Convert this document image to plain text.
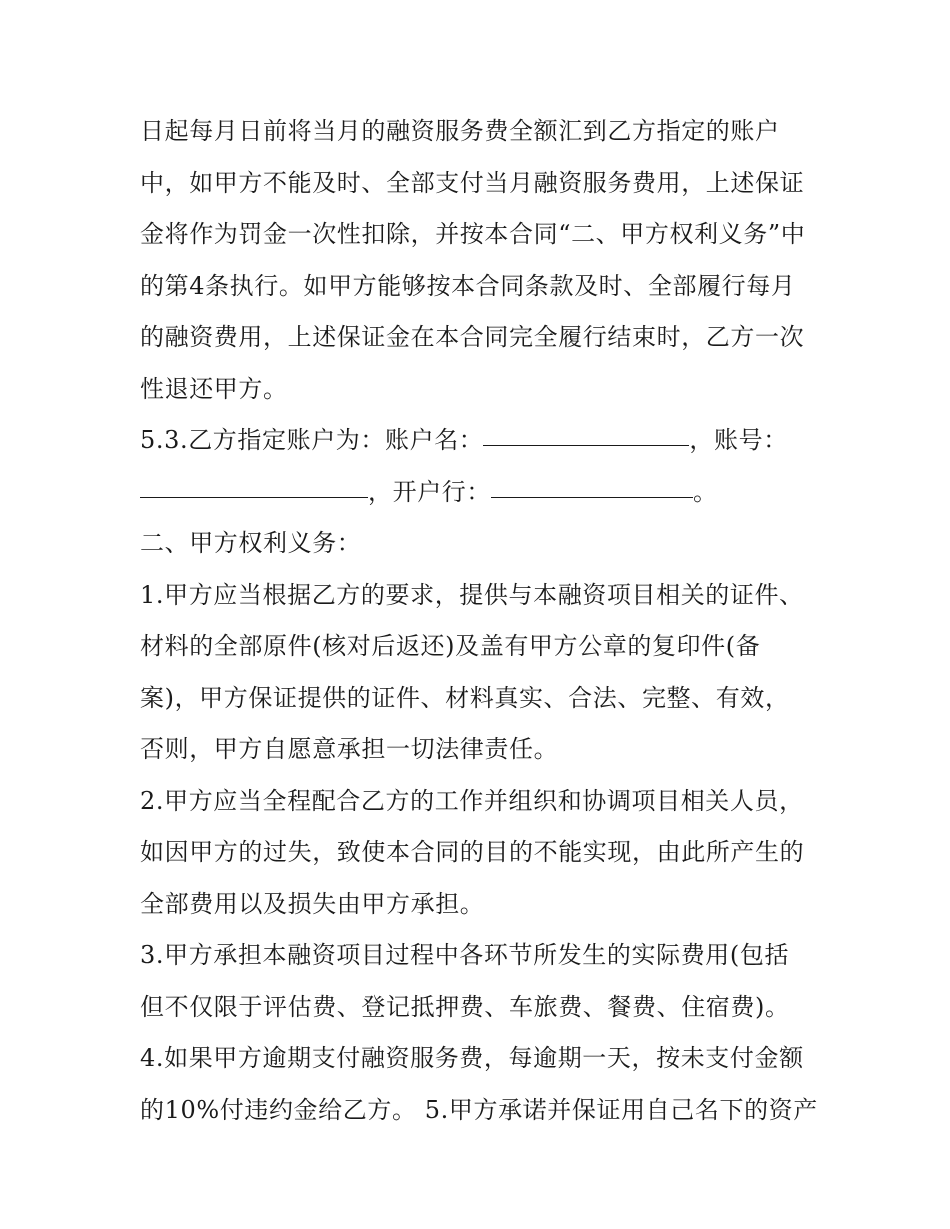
日起每月日前将当月的融资服务费全额汇到乙方指定的账户
中，如甲方不能及时、全部支付当月融资服务费用，上述保证
金将作为罚金一次性扣除，并按本合同“二、甲方权利义务”中
的第4条执行。如甲方能够按本合同条款及时、全部履行每月
的融资费用，上述保证金在本合同完全履行结束时，乙方一次
性退还甲方。
5.3.乙方指定账户为：账户名：	，账号：
，开户行：	。
二、甲方权利义务：
1.甲方应当根据乙方的要求，提供与本融资项目相关的证件、
材料的全部原件(核对后返还)及盖有甲方公章的复印件(备
案)，甲方保证提供的证件、材料真实、合法、完整、有效，
否则，甲方自愿意承担一切法律责任。
2.甲方应当全程配合乙方的工作并组织和协调项目相关人员，
如因甲方的过失，致使本合同的目的不能实现，由此所产生的
全部费用以及损失由甲方承担。
3.甲方承担本融资项目过程中各环节所发生的实际费用(包括
但不仅限于评估费、登记抵押费、车旅费、餐费、住宿费)。
4.如果甲方逾期支付融资服务费，每逾期一天，按未支付金额
的10%付违约金给乙方。 5.甲方承诺并保证用自己名下的资产
